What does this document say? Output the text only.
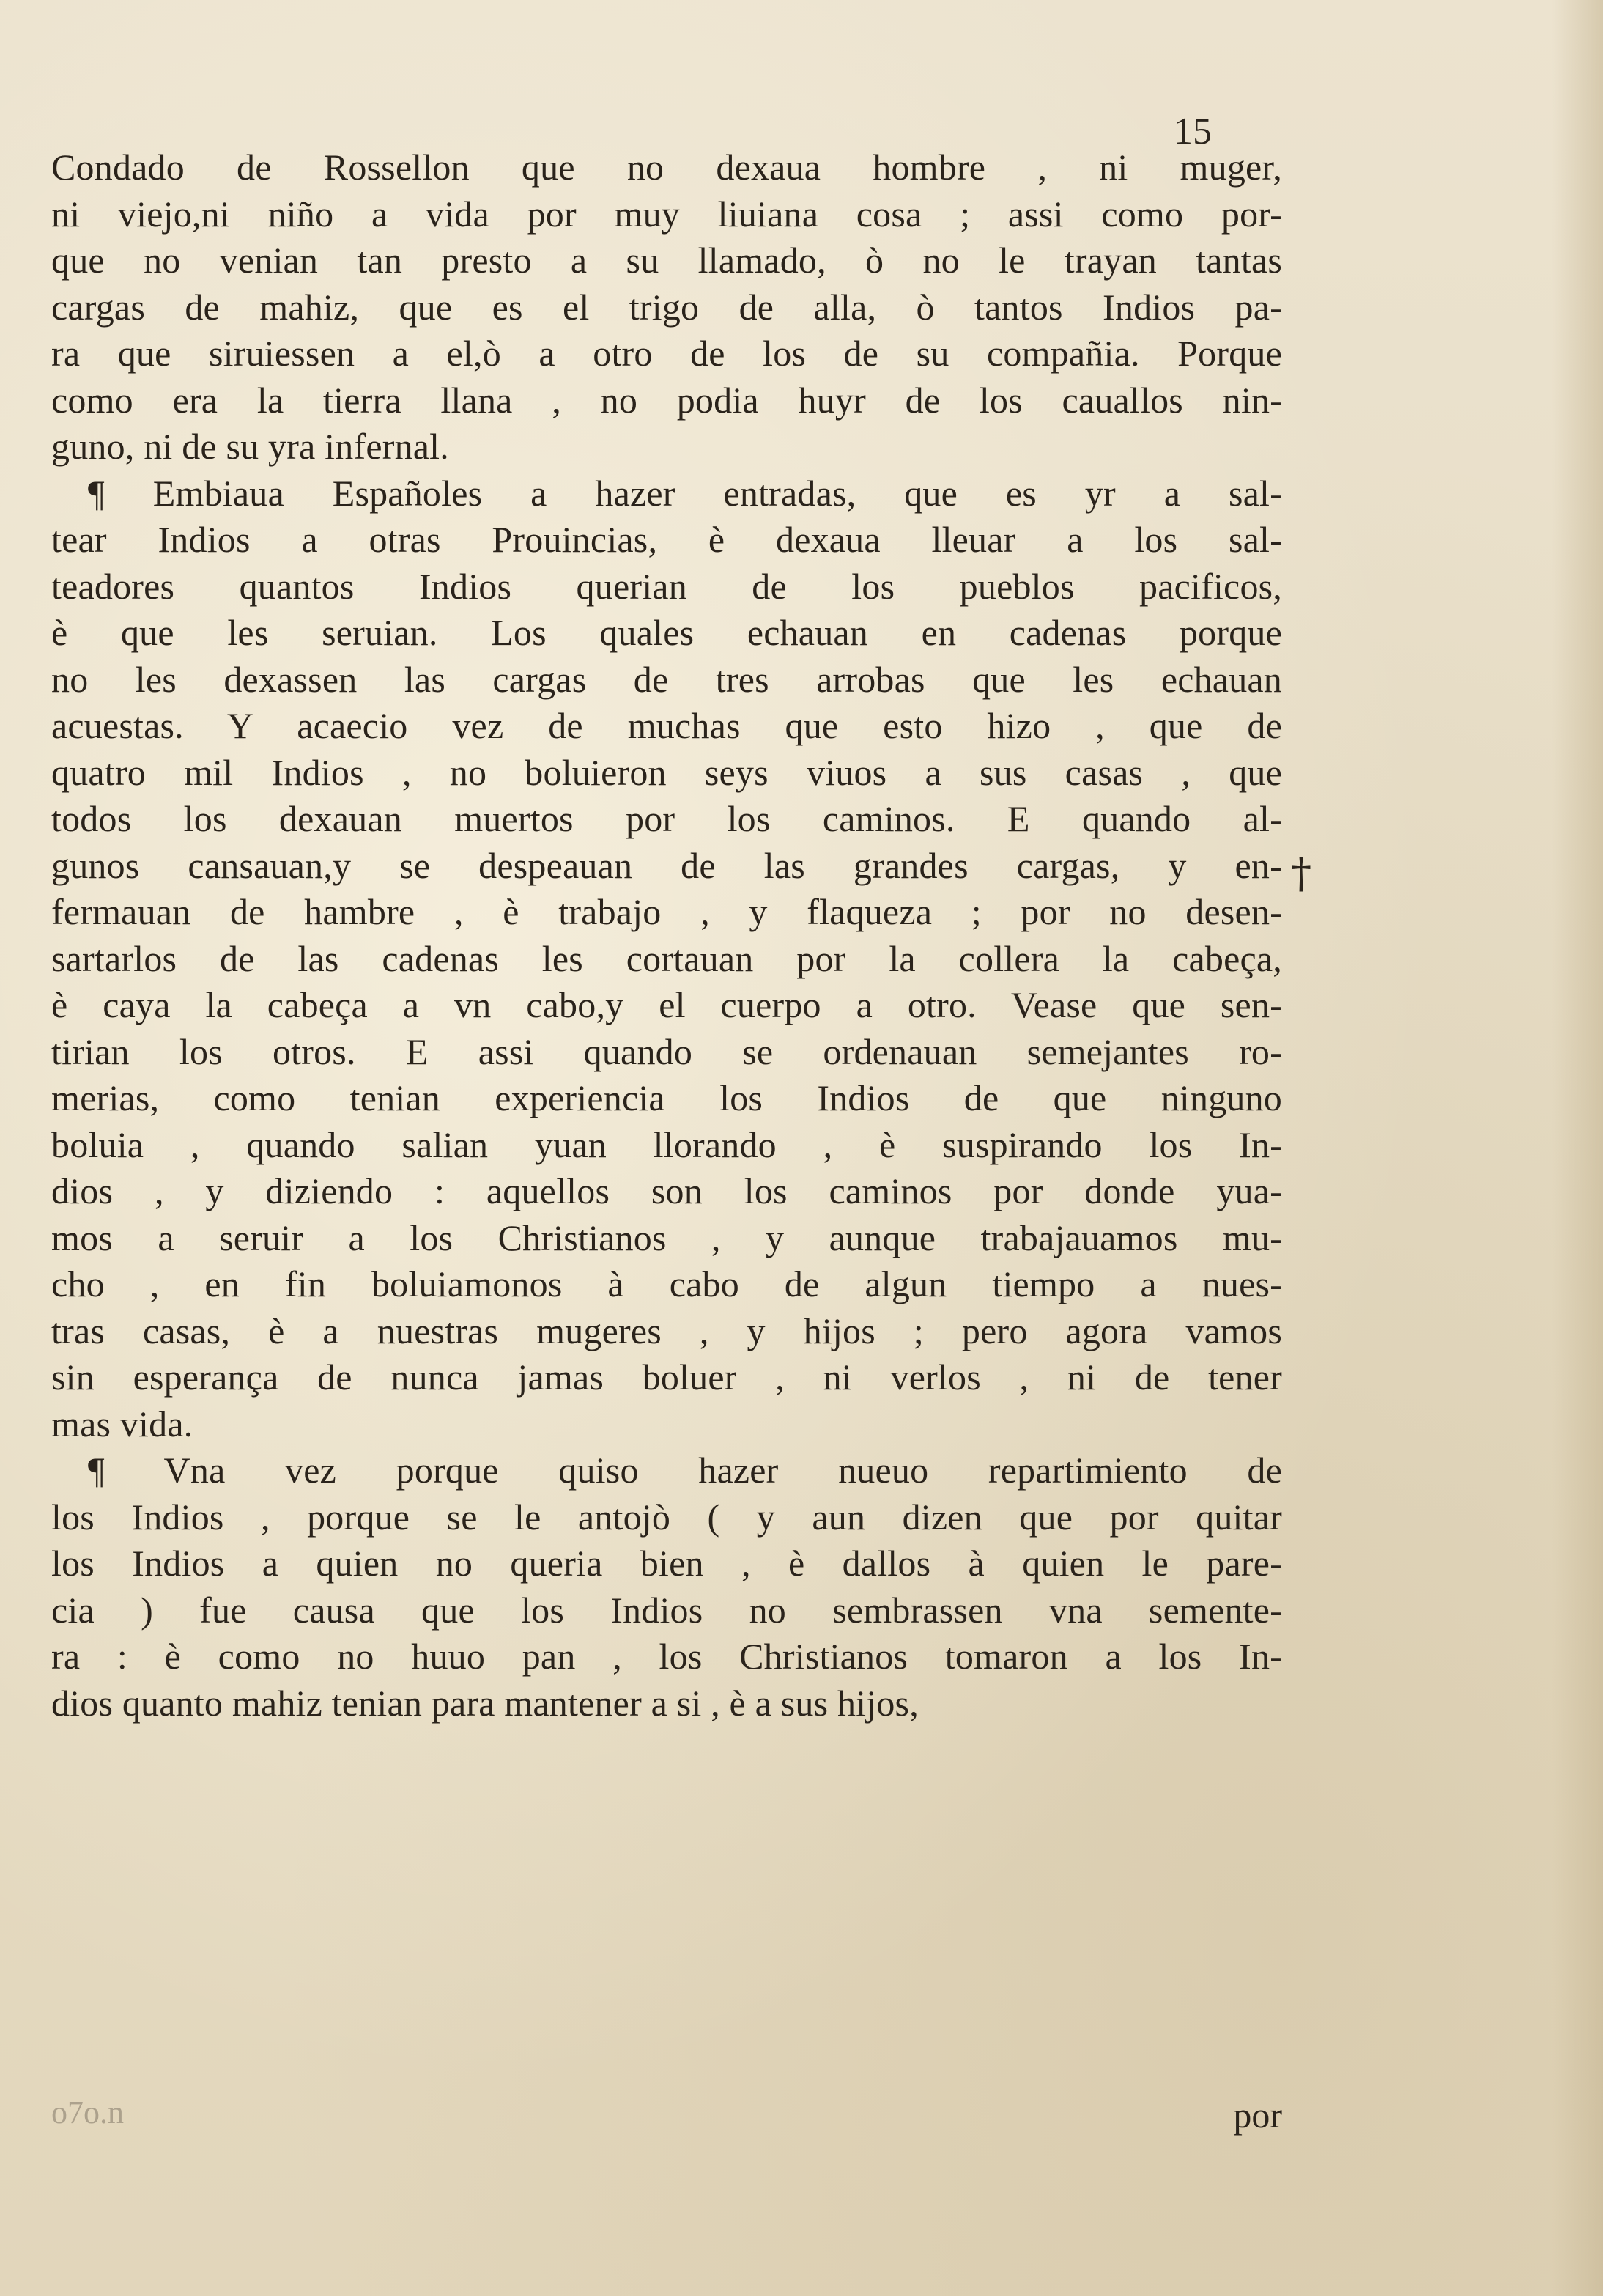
15
Condado de Rossellon que no dexaua hombre , ni muger,
ni viejo,ni niño a vida por muy liuiana cosa ; assi como por-
que no venian tan presto a su llamado, ò no le trayan tantas
cargas de mahiz, que es el trigo de alla, ò tantos Indios pa-
ra que siruiessen a el,ò a otro de los de su compañia. Porque
como era la tierra llana , no podia huyr de los cauallos nin-
guno, ni de su yra infernal.
¶ Embiaua Españoles a hazer entradas, que es yr a sal-
tear Indios a otras Prouincias, è dexaua lleuar a los sal-
teadores quantos Indios querian de los pueblos pacificos,
è que les seruian. Los quales echauan en cadenas porque
no les dexassen las cargas de tres arrobas que les echauan
acuestas. Y acaecio vez de muchas que esto hizo , que de
quatro mil Indios , no boluieron seys viuos a sus casas , que
todos los dexauan muertos por los caminos. E quando al-
gunos cansauan,y se despeauan de las grandes cargas, y en-
fermauan de hambre , è trabajo , y flaqueza ; por no desen-
sartarlos de las cadenas les cortauan por la collera la cabeça,
è caya la cabeça a vn cabo,y el cuerpo a otro. Vease que sen-
tirian los otros. E assi quando se ordenauan semejantes ro-
merias, como tenian experiencia los Indios de que ninguno
boluia , quando salian yuan llorando , è suspirando los In-
dios , y diziendo : aquellos son los caminos por donde yua-
mos a seruir a los Christianos , y aunque trabajauamos mu-
cho , en fin boluiamonos à cabo de algun tiempo a nues-
tras casas, è a nuestras mugeres , y hijos ; pero agora vamos
sin esperança de nunca jamas boluer , ni verlos , ni de tener
mas vida.
¶ Vna vez porque quiso hazer nueuo repartimiento de
los Indios , porque se le antojò ( y aun dizen que por quitar
los Indios a quien no queria bien , è dallos à quien le pare-
cia ) fue causa que los Indios no sembrassen vna semente-
ra : è como no huuo pan , los Christianos tomaron a los In-
dios quanto mahiz tenian para mantener a si , è a sus hijos,
†
o7o.n	por
